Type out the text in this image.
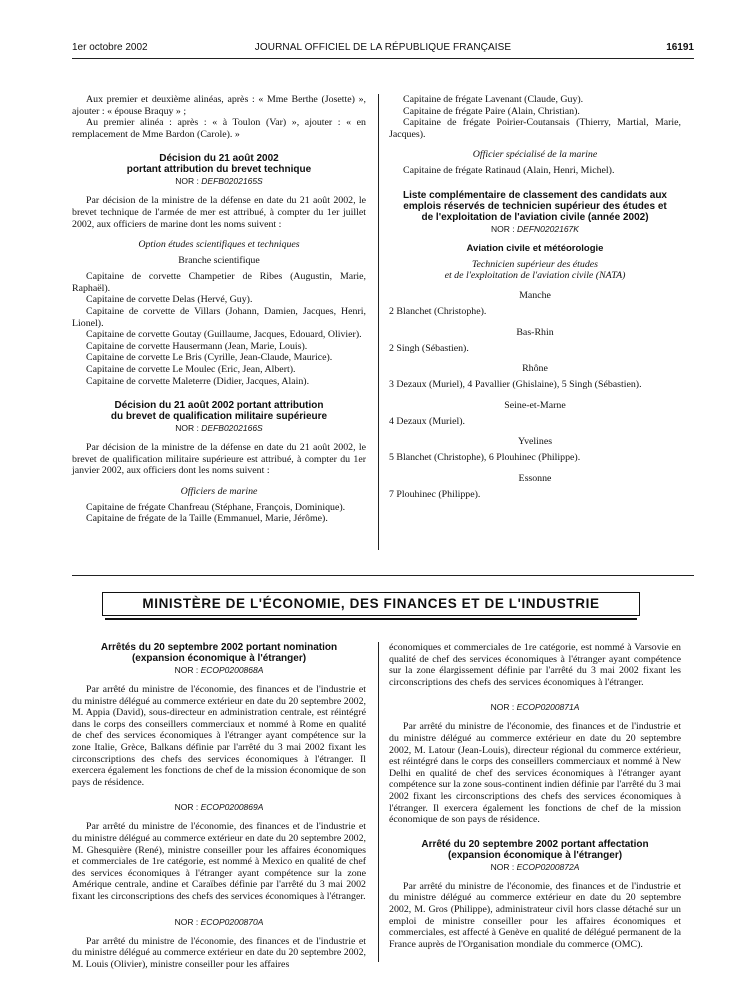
1er octobre 2002	JOURNAL OFFICIEL DE LA RÉPUBLIQUE FRANÇAISE	16191

Aux premier et deuxième alinéas, après : « Mme Berthe (Josette) », ajouter : « épouse Braquy » ;

Au premier alinéa : après : « à Toulon (Var) », ajouter : « en remplacement de Mme Bardon (Carole). »

Décision du 21 août 2002

portant attribution du brevet technique

NOR : DEFB0202165S

Par décision de la ministre de la défense en date du 21 août 2002, le brevet technique de l'armée de mer est attribué, à compter du 1er juillet 2002, aux officiers de marine dont les noms suivent :

Option études scientifiques et techniques

Branche scientifique

Capitaine de corvette Champetier de Ribes (Augustin, Marie, Raphaël).

Capitaine de corvette Delas (Hervé, Guy).

Capitaine de corvette de Villars (Johann, Damien, Jacques, Henri, Lionel).

Capitaine de corvette Goutay (Guillaume, Jacques, Edouard, Olivier).

Capitaine de corvette Hausermann (Jean, Marie, Louis).

Capitaine de corvette Le Bris (Cyrille, Jean-Claude, Maurice).

Capitaine de corvette Le Moulec (Eric, Jean, Albert).

Capitaine de corvette Maleterre (Didier, Jacques, Alain).

Décision du 21 août 2002 portant attribution

du brevet de qualification militaire supérieure

NOR : DEFB0202166S

Par décision de la ministre de la défense en date du 21 août 2002, le brevet de qualification militaire supérieure est attribué, à compter du 1er janvier 2002, aux officiers dont les noms suivent :

Officiers de marine

Capitaine de frégate Chanfreau (Stéphane, François, Dominique).

Capitaine de frégate de la Taille (Emmanuel, Marie, Jérôme).

Capitaine de frégate Lavenant (Claude, Guy).

Capitaine de frégate Paire (Alain, Christian).

Capitaine de frégate Poirier-Coutansais (Thierry, Martial, Marie, Jacques).

Officier spécialisé de la marine

Capitaine de frégate Ratinaud (Alain, Henri, Michel).

Liste complémentaire de classement des candidats aux

emplois réservés de technicien supérieur des études et

de l'exploitation de l'aviation civile (année 2002)

NOR : DEFN0202167K

Aviation civile et météorologie

Technicien supérieur des études

et de l'exploitation de l'aviation civile (NATA)

Manche

2 Blanchet (Christophe).

Bas-Rhin

2 Singh (Sébastien).

Rhône

3 Dezaux (Muriel), 4 Pavallier (Ghislaine), 5 Singh (Sébastien).

Seine-et-Marne

4 Dezaux (Muriel).

Yvelines

5 Blanchet (Christophe), 6 Plouhinec (Philippe).

Essonne

7 Plouhinec (Philippe).

MINISTÈRE DE L'ÉCONOMIE, DES FINANCES ET DE L'INDUSTRIE

Arrêtés du 20 septembre 2002 portant nomination

(expansion économique à l'étranger)

NOR : ECOP0200868A

Par arrêté du ministre de l'économie, des finances et de l'industrie et du ministre délégué au commerce extérieur en date du 20 septembre 2002, M. Appia (David), sous-directeur en administration centrale, est réintégré dans le corps des conseillers commerciaux et nommé à Rome en qualité de chef des services économiques à l'étranger ayant compétence sur la zone Italie, Grèce, Balkans définie par l'arrêté du 3 mai 2002 fixant les circonscriptions des chefs des services économiques à l'étranger. Il exercera également les fonctions de chef de la mission économique de son pays de résidence.

NOR : ECOP0200869A

Par arrêté du ministre de l'économie, des finances et de l'industrie et du ministre délégué au commerce extérieur en date du 20 septembre 2002, M. Ghesquière (René), ministre conseiller pour les affaires économiques et commerciales de 1re catégorie, est nommé à Mexico en qualité de chef des services économiques à l'étranger ayant compétence sur la zone Amérique centrale, andine et Caraïbes définie par l'arrêté du 3 mai 2002 fixant les circonscriptions des chefs des services économiques à l'étranger.

NOR : ECOP0200870A

Par arrêté du ministre de l'économie, des finances et de l'industrie et du ministre délégué au commerce extérieur en date du 20 septembre 2002, M. Louis (Olivier), ministre conseiller pour les affaires

économiques et commerciales de 1re catégorie, est nommé à Varsovie en qualité de chef des services économiques à l'étranger ayant compétence sur la zone élargissement définie par l'arrêté du 3 mai 2002 fixant les circonscriptions des chefs des services économiques à l'étranger.

NOR : ECOP0200871A

Par arrêté du ministre de l'économie, des finances et de l'industrie et du ministre délégué au commerce extérieur en date du 20 septembre 2002, M. Latour (Jean-Louis), directeur régional du commerce extérieur, est réintégré dans le corps des conseillers commerciaux et nommé à New Delhi en qualité de chef des services économiques à l'étranger ayant compétence sur la zone sous-continent indien définie par l'arrêté du 3 mai 2002 fixant les circonscriptions des chefs des services économiques à l'étranger. Il exercera également les fonctions de chef de la mission économique de son pays de résidence.

Arrêté du 20 septembre 2002 portant affectation

(expansion économique à l'étranger)

NOR : ECOP0200872A

Par arrêté du ministre de l'économie, des finances et de l'industrie et du ministre délégué au commerce extérieur en date du 20 septembre 2002, M. Gros (Philippe), administrateur civil hors classe détaché sur un emploi de ministre conseiller pour les affaires économiques et commerciales, est affecté à Genève en qualité de délégué permanent de la France auprès de l'Organisation mondiale du commerce (OMC).
